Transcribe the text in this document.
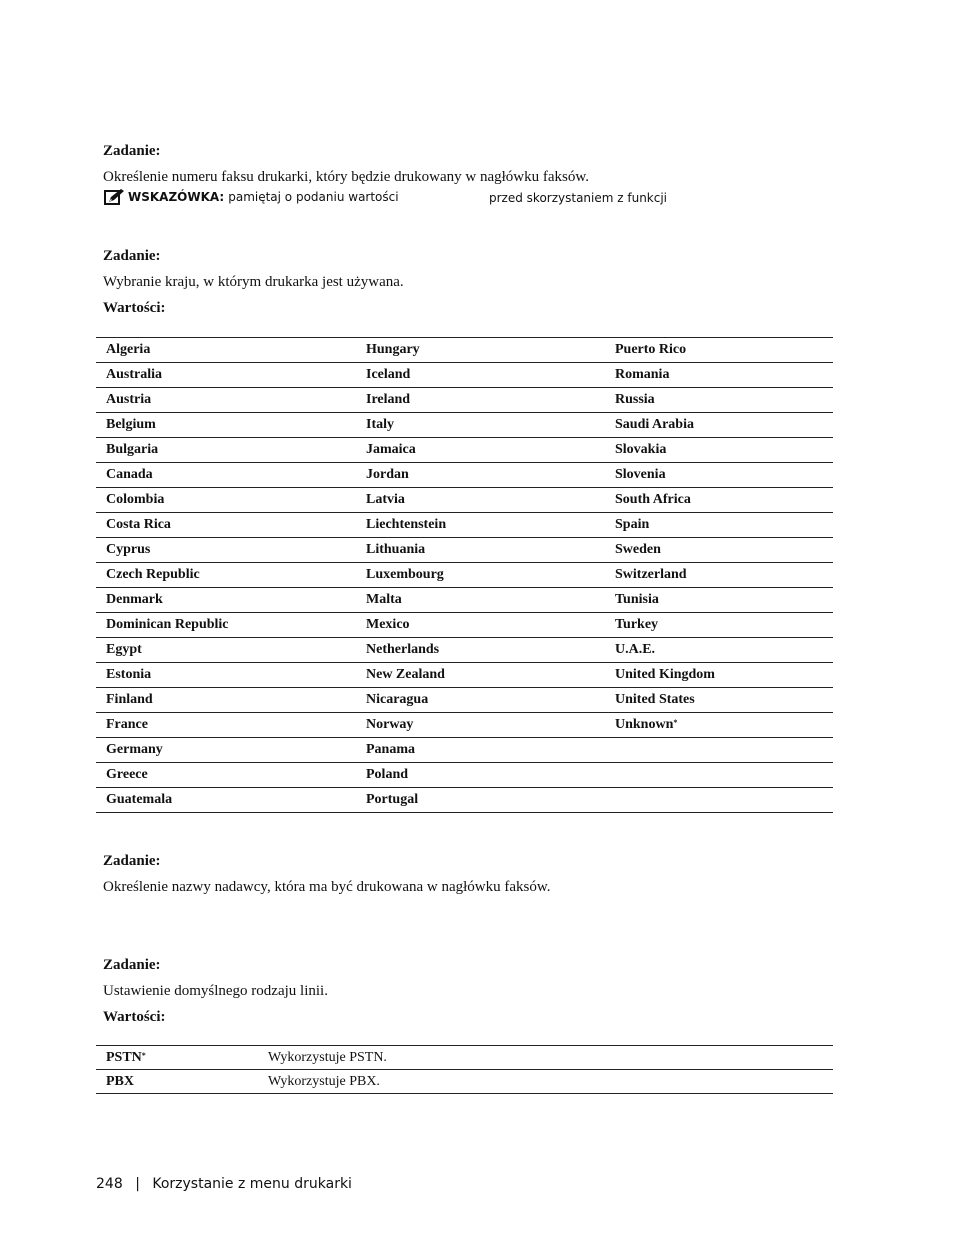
Zadanie:
Określenie numeru faksu drukarki, który będzie drukowany w nagłówku faksów.
WSKAZÓWKA: pamiętaj o podaniu wartości	przed skorzystaniem z funkcji
Zadanie:
Wybranie kraju, w którym drukarka jest używana.
Wartości:
Algeria	Hungary	Puerto Rico
Australia	Iceland	Romania
Austria	Ireland	Russia
Belgium	Italy	Saudi Arabia
Bulgaria	Jamaica	Slovakia
Canada	Jordan	Slovenia
Colombia	Latvia	South Africa
Costa Rica	Liechtenstein	Spain
Cyprus	Lithuania	Sweden
Czech Republic	Luxembourg	Switzerland
Denmark	Malta	Tunisia
Dominican Republic	Mexico	Turkey
Egypt	Netherlands	U.A.E.
Estonia	New Zealand	United Kingdom
Finland	Nicaragua	United States
France	Norway	Unknown*
Germany	Panama	
Greece	Poland	
Guatemala	Portugal	
Zadanie:
Określenie nazwy nadawcy, która ma być drukowana w nagłówku faksów.
Zadanie:
Ustawienie domyślnego rodzaju linii.
Wartości:
PSTN*	Wykorzystuje PSTN.
PBX	Wykorzystuje PBX.
248 | Korzystanie z menu drukarki
